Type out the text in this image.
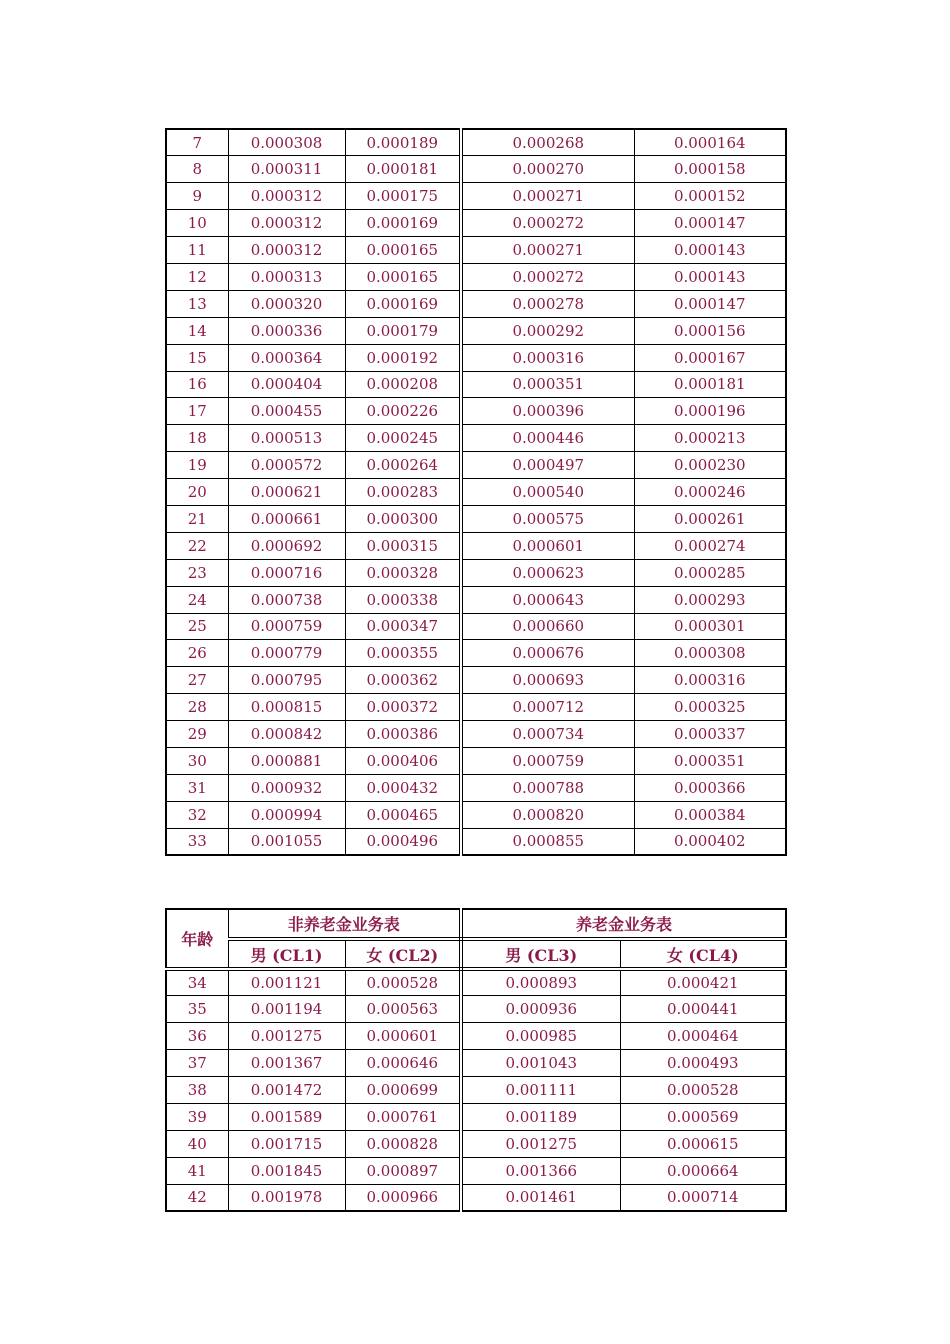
7	0.000308	0.000189	0.000268	0.000164
8	0.000311	0.000181	0.000270	0.000158
9	0.000312	0.000175	0.000271	0.000152
10	0.000312	0.000169	0.000272	0.000147
11	0.000312	0.000165	0.000271	0.000143
12	0.000313	0.000165	0.000272	0.000143
13	0.000320	0.000169	0.000278	0.000147
14	0.000336	0.000179	0.000292	0.000156
15	0.000364	0.000192	0.000316	0.000167
16	0.000404	0.000208	0.000351	0.000181
17	0.000455	0.000226	0.000396	0.000196
18	0.000513	0.000245	0.000446	0.000213
19	0.000572	0.000264	0.000497	0.000230
20	0.000621	0.000283	0.000540	0.000246
21	0.000661	0.000300	0.000575	0.000261
22	0.000692	0.000315	0.000601	0.000274
23	0.000716	0.000328	0.000623	0.000285
24	0.000738	0.000338	0.000643	0.000293
25	0.000759	0.000347	0.000660	0.000301
26	0.000779	0.000355	0.000676	0.000308
27	0.000795	0.000362	0.000693	0.000316
28	0.000815	0.000372	0.000712	0.000325
29	0.000842	0.000386	0.000734	0.000337
30	0.000881	0.000406	0.000759	0.000351
31	0.000932	0.000432	0.000788	0.000366
32	0.000994	0.000465	0.000820	0.000384
33	0.001055	0.000496	0.000855	0.000402
年龄	非养老金业务表		养老金业务表	
	男 (CL1)	女 (CL2)	男 (CL3)	女 (CL4)
34	0.001121	0.000528	0.000893	0.000421
35	0.001194	0.000563	0.000936	0.000441
36	0.001275	0.000601	0.000985	0.000464
37	0.001367	0.000646	0.001043	0.000493
38	0.001472	0.000699	0.001111	0.000528
39	0.001589	0.000761	0.001189	0.000569
40	0.001715	0.000828	0.001275	0.000615
41	0.001845	0.000897	0.001366	0.000664
42	0.001978	0.000966	0.001461	0.000714
